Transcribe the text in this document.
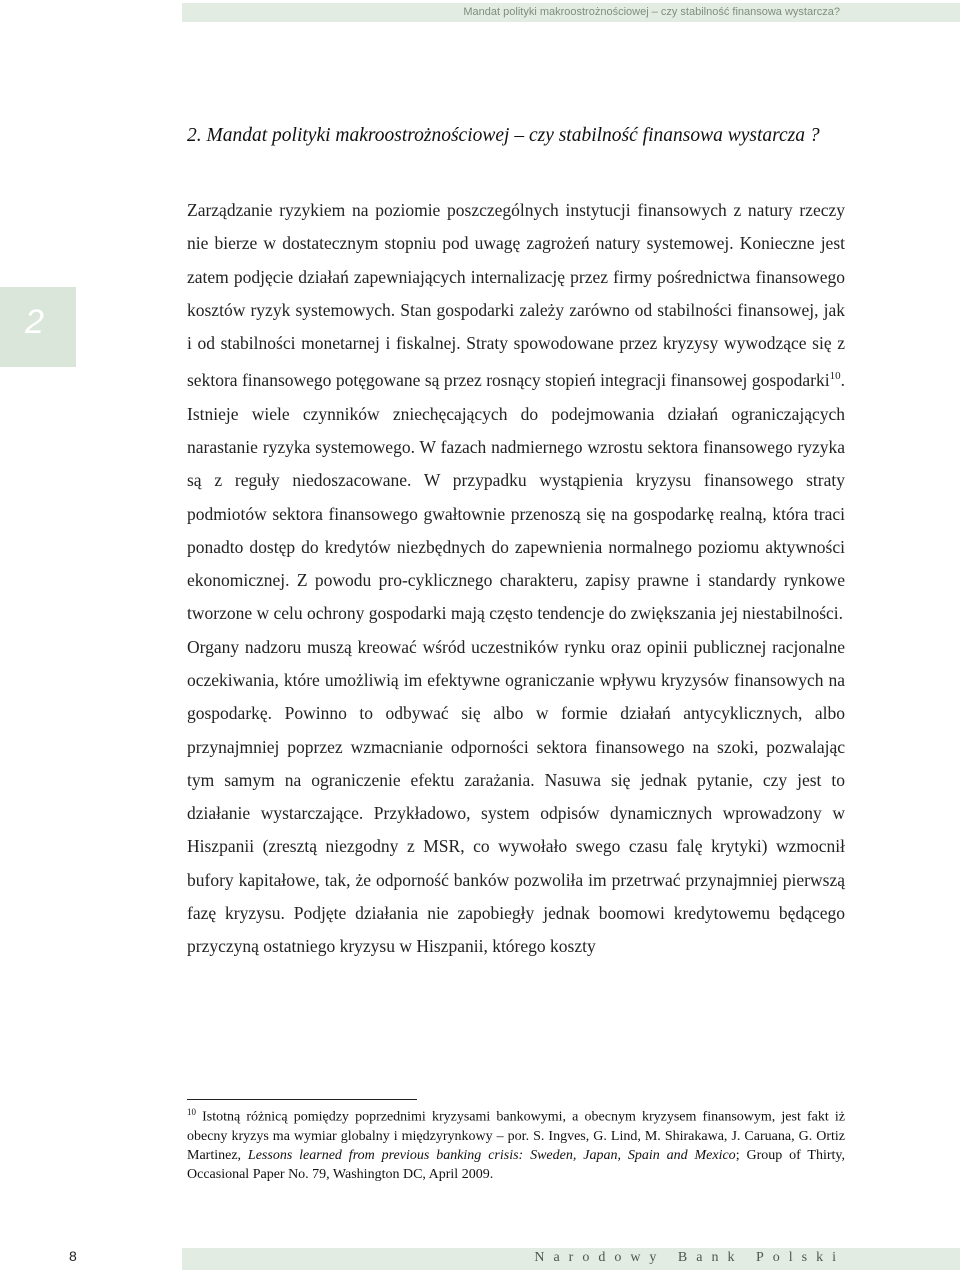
Mandat polityki makroostrożnościowej – czy stabilność finansowa wystarcza?
2
2. Mandat polityki makroostrożnościowej – czy stabilność finansowa wystarcza ?

Zarządzanie ryzykiem na poziomie poszczególnych instytucji finansowych z natury rzeczy nie bierze w dostatecznym stopniu pod uwagę zagrożeń natury systemowej. Konieczne jest zatem podjęcie działań zapewniających internalizację przez firmy pośrednictwa finansowego kosztów ryzyk systemowych. Stan gospodarki zależy zarówno od stabilności finansowej, jak i od stabilności monetarnej i fiskalnej. Straty spowodowane przez kryzysy wywodzące się z sektora finansowego potęgowane są przez rosnący stopień integracji finansowej gospodarki$^{10}$. Istnieje wiele czynników zniechęcających do podejmowania działań ograniczających narastanie ryzyka systemowego. W fazach nadmiernego wzrostu sektora finansowego ryzyka są z reguły niedoszacowane. W przypadku wystąpienia kryzysu finansowego straty podmiotów sektora finansowego gwałtownie przenoszą się na gospodarkę realną, która traci ponadto dostęp do kredytów niezbędnych do zapewnienia normalnego poziomu aktywności ekonomicznej. Z powodu pro-cyklicznego charakteru, zapisy prawne i standardy rynkowe tworzone w celu ochrony gospodarki mają często tendencje do zwiększania jej niestabilności.

Organy nadzoru muszą kreować wśród uczestników rynku oraz opinii publicznej racjonalne oczekiwania, które umożliwią im efektywne ograniczanie wpływu kryzysów finansowych na gospodarkę. Powinno to odbywać się albo w formie działań antycyklicznych, albo przynajmniej poprzez wzmacnianie odporności sektora finansowego na szoki, pozwalając tym samym na ograniczenie efektu zarażania. Nasuwa się jednak pytanie, czy jest to działanie wystarczające. Przykładowo, system odpisów dynamicznych wprowadzony w Hiszpanii (zresztą niezgodny z MSR, co wywołało swego czasu falę krytyki) wzmocnił bufory kapitałowe, tak, że odporność banków pozwoliła im przetrwać przynajmniej pierwszą fazę kryzysu. Podjęte działania nie zapobiegły jednak boomowi kredytowemu będącego przyczyną ostatniego kryzysu w Hiszpanii, którego koszty

$^{10}$ Istotną różnicą pomiędzy poprzednimi kryzysami bankowymi, a obecnym kryzysem finansowym, jest fakt iż obecny kryzys ma wymiar globalny i międzyrynkowy – por. S. Ingves, G. Lind, M. Shirakawa, J. Caruana, G. Ortiz Martinez, Lessons learned from previous banking crisis: Sweden, Japan, Spain and Mexico; Group of Thirty, Occasional Paper No. 79, Washington DC, April 2009.
8	Narodowy Bank Polski
